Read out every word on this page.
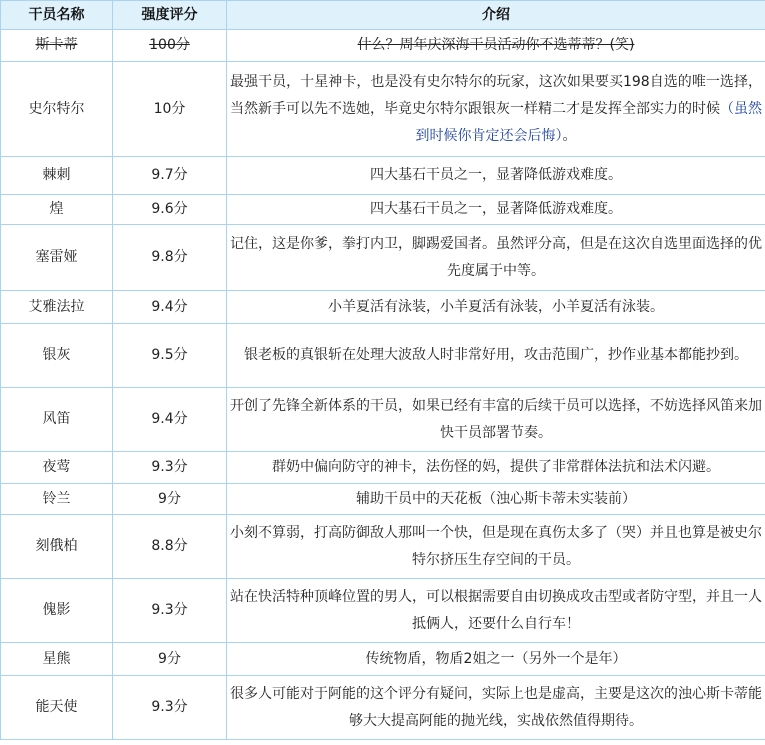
干员名称	强度评分	介绍
斯卡蒂	100分	什么？周年庆深海干员活动你不选蒂蒂？(笑)
史尔特尔	10分	最强干员，十星神卡，也是没有史尔特尔的玩家，这次如果要买198自选的唯一选择，当然新手可以先不选她，毕竟史尔特尔跟银灰一样精二才是发挥全部实力的时候（虽然到时候你肯定还会后悔）。
棘刺	9.7分	四大基石干员之一，显著降低游戏难度。
煌	9.6分	四大基石干员之一，显著降低游戏难度。
塞雷娅	9.8分	记住，这是你爹，拳打内卫，脚踢爱国者。虽然评分高，但是在这次自选里面选择的优先度属于中等。
艾雅法拉	9.4分	小羊夏活有泳装，小羊夏活有泳装，小羊夏活有泳装。
银灰	9.5分	银老板的真银斩在处理大波敌人时非常好用，攻击范围广，抄作业基本都能抄到。
风笛	9.4分	开创了先锋全新体系的干员，如果已经有丰富的后续干员可以选择，不妨选择风笛来加快干员部署节奏。
夜莺	9.3分	群奶中偏向防守的神卡，法伤怪的妈，提供了非常群体法抗和法术闪避。
铃兰	9分	辅助干员中的天花板（浊心斯卡蒂未实装前）
刻俄柏	8.8分	小刻不算弱，打高防御敌人那叫一个快，但是现在真伤太多了（哭）并且也算是被史尔特尔挤压生存空间的干员。
傀影	9.3分	站在快活特种顶峰位置的男人，可以根据需要自由切换成攻击型或者防守型，并且一人抵俩人，还要什么自行车！
星熊	9分	传统物盾，物盾2姐之一（另外一个是年）
能天使	9.3分	很多人可能对于阿能的这个评分有疑问，实际上也是虚高，主要是这次的浊心斯卡蒂能够大大提高阿能的抛光线，实战依然值得期待。
